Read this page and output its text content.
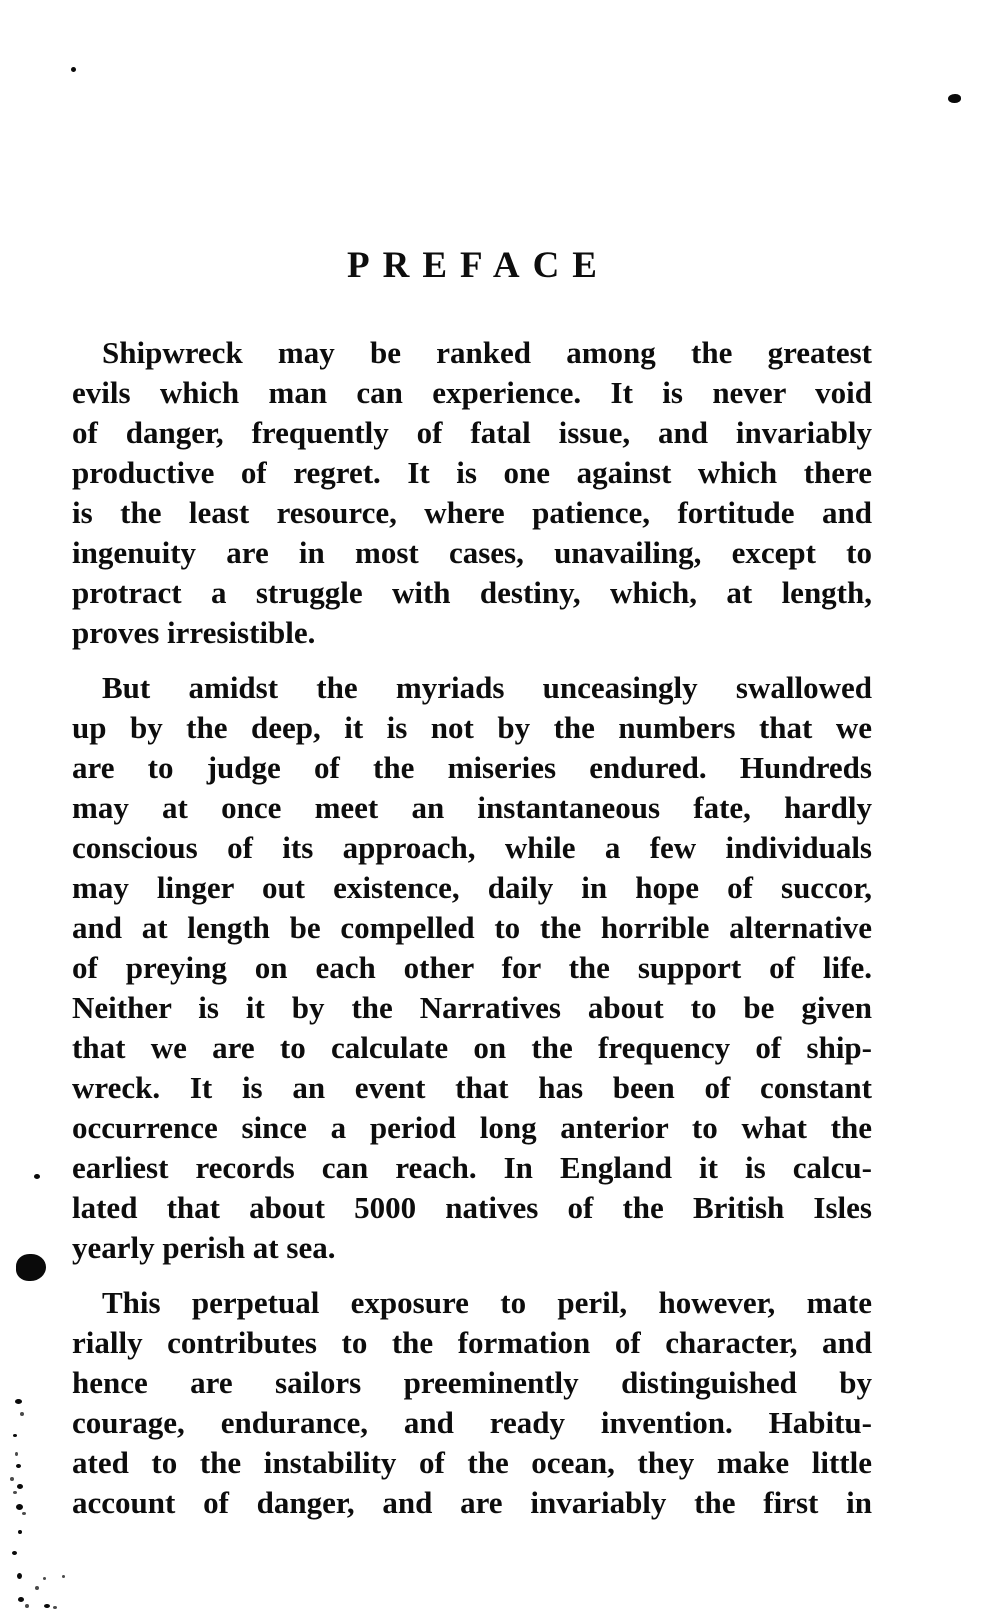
PREFACE
Shipwreck may be ranked among the greatest
evils which man can experience. It is never void
of danger, frequently of fatal issue, and invariably
productive of regret. It is one against which there
is the least resource, where patience, fortitude and
ingenuity are in most cases, unavailing, except to
protract a struggle with destiny, which, at length,
proves irresistible.
But amidst the myriads unceasingly swallowed
up by the deep, it is not by the numbers that we
are to judge of the miseries endured. Hundreds
may at once meet an instantaneous fate, hardly
conscious of its approach, while a few individuals
may linger out existence, daily in hope of succor,
and at length be compelled to the horrible alternative
of preying on each other for the support of life.
Neither is it by the Narratives about to be given
that we are to calculate on the frequency of ship-
wreck. It is an event that has been of constant
occurrence since a period long anterior to what the
earliest records can reach. In England it is calcu-
lated that about 5000 natives of the British Isles
yearly perish at sea.
This perpetual exposure to peril, however, mate
rially contributes to the formation of character, and
hence are sailors preeminently distinguished by
courage, endurance, and ready invention. Habitu-
ated to the instability of the ocean, they make little
account of danger, and are invariably the first in
